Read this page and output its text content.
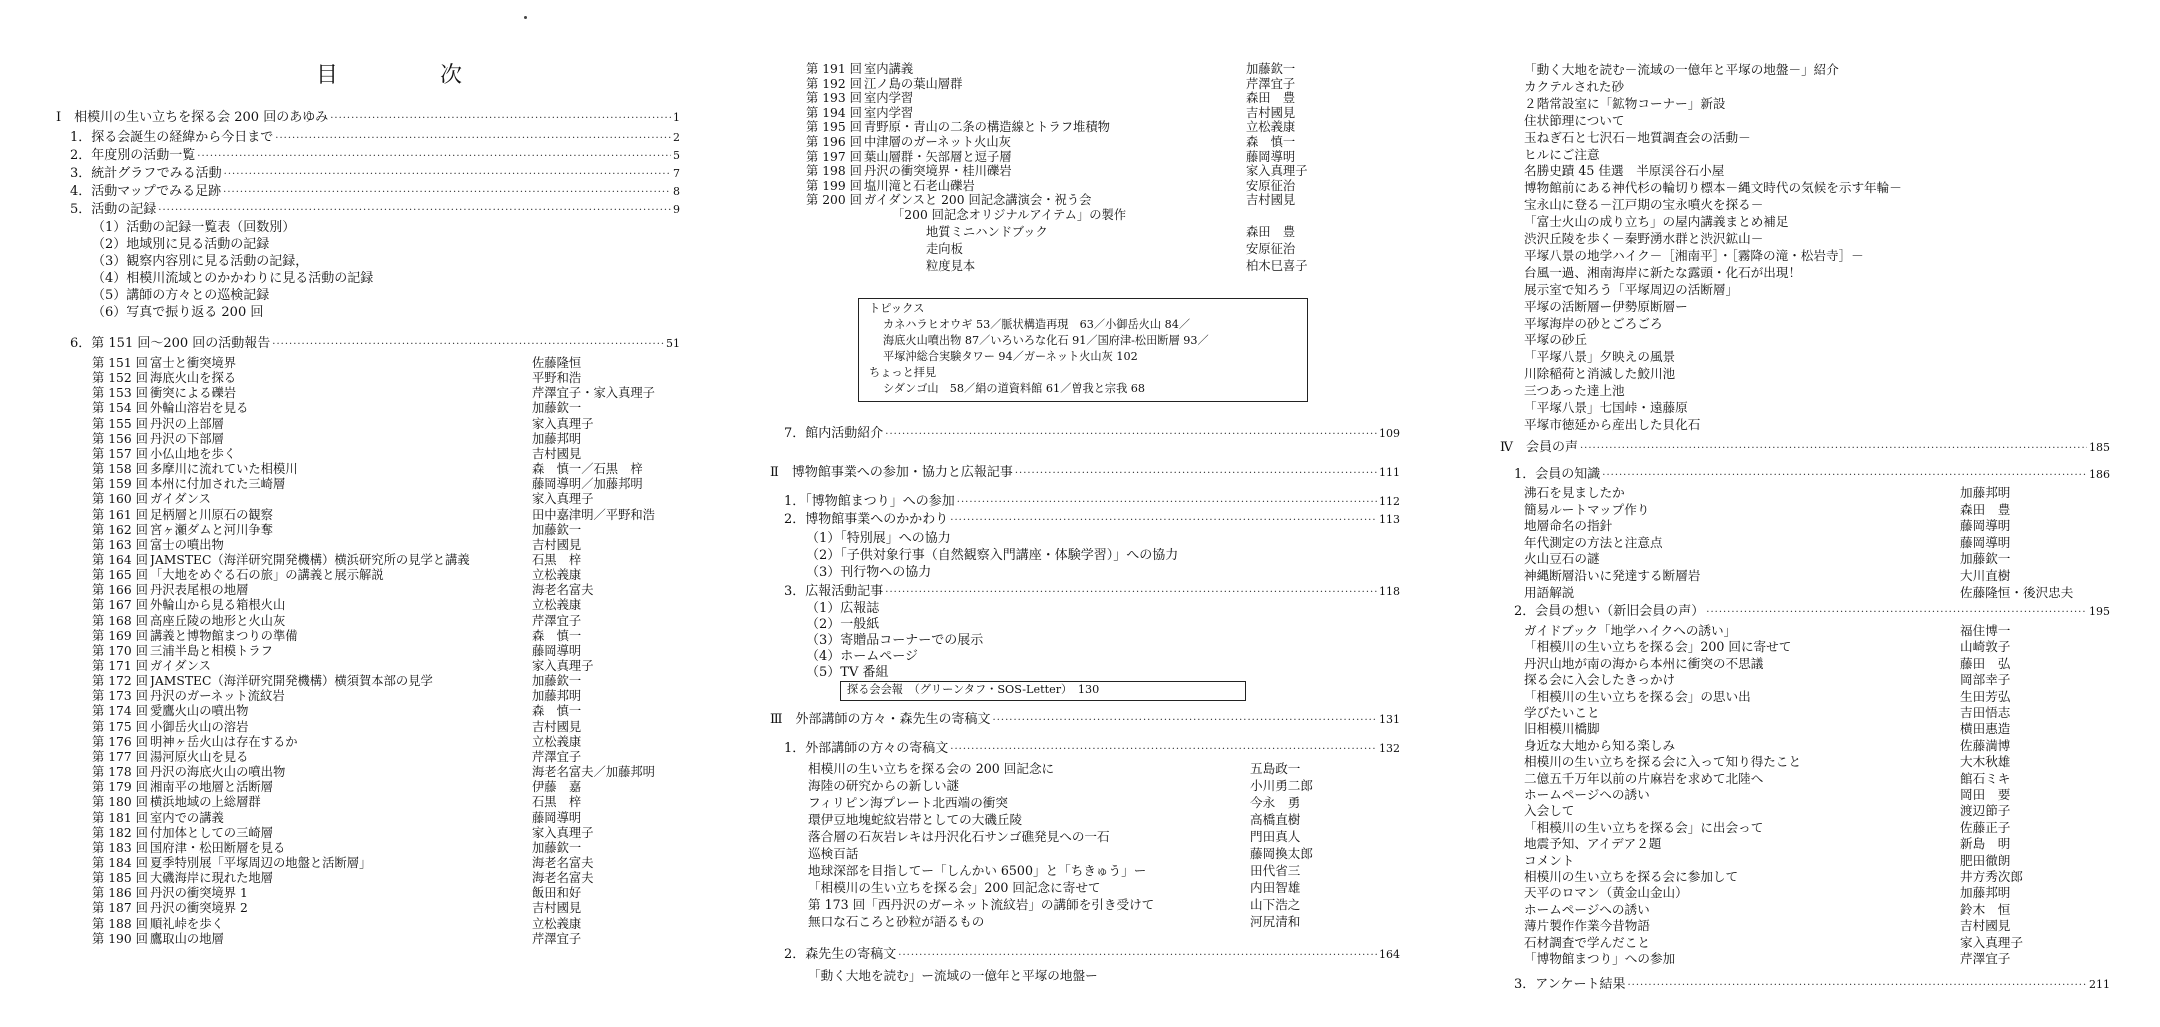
目　次
Ⅰ　相模川の生い立ちを探る会 200 回のあゆみ ·····	1
1．探る会誕生の経緯から今日まで ·····	2
2．年度別の活動一覧 ·····	5
3．統計グラフでみる活動 ·····	7
4．活動マップでみる足跡 ·····	8
5．活動の記録 ·····	9
（1）活動の記録一覧表（回数別）
（2）地域別に見る活動の記録
（3）観察内容別に見る活動の記録，
（4）相模川流域とのかかわりに見る活動の記録
（5）講師の方々との巡検記録
（6）写真で振り返る 200 回
6．第 151 回～200 回の活動報告 ·····	51
第 151 回 富士と衝突境界	佐藤隆恒
第 152 回 海底火山を探る	平野和浩
第 153 回 衝突による礫岩	芹澤宜子・家入真理子
第 154 回 外輪山溶岩を見る	加藤欽一
第 155 回 丹沢の上部層	家入真理子
第 156 回 丹沢の下部層	加藤邦明
第 157 回 小仏山地を歩く	吉村國見
第 158 回 多摩川に流れていた相模川	森　慎一／石黒　梓
第 159 回 本州に付加された三崎層	藤岡導明／加藤邦明
第 160 回 ガイダンス	家入真理子
第 161 回 足柄層と川原石の観察	田中嘉津明／平野和浩
第 162 回 宮ヶ瀬ダムと河川争奪	加藤欽一
第 163 回 富士の噴出物	吉村國見
第 164 回 JAMSTEC（海洋研究開発機構）横浜研究所の見学と講義	石黒　梓
第 165 回 「大地をめぐる石の旅」の講義と展示解説	立松義康
第 166 回 丹沢表尾根の地層	海老名富夫
第 167 回 外輪山から見る箱根火山	立松義康
第 168 回 高座丘陵の地形と火山灰	芹澤宜子
第 169 回 講義と博物館まつりの準備	森　慎一
第 170 回 三浦半島と相模トラフ	藤岡導明
第 171 回 ガイダンス	家入真理子
第 172 回 JAMSTEC（海洋研究開発機構）横須賀本部の見学	加藤欽一
第 173 回 丹沢のガーネット流紋岩	加藤邦明
第 174 回 愛鷹火山の噴出物	森　慎一
第 175 回 小御岳火山の溶岩	吉村國見
第 176 回 明神ヶ岳火山は存在するか	立松義康
第 177 回 湯河原火山を見る	芹澤宜子
第 178 回 丹沢の海底火山の噴出物	海老名富夫／加藤邦明
第 179 回 湘南平の地層と活断層	伊藤　嘉
第 180 回 横浜地域の上総層群	石黒　梓
第 181 回 室内での講義	藤岡導明
第 182 回 付加体としての三崎層	家入真理子
第 183 回 国府津・松田断層を見る	加藤欽一
第 184 回 夏季特別展「平塚周辺の地盤と活断層」	海老名富夫
第 185 回 大磯海岸に現れた地層	海老名富夫
第 186 回 丹沢の衝突境界 1	飯田和好
第 187 回 丹沢の衝突境界 2	吉村國見
第 188 回 順礼峠を歩く	立松義康
第 190 回 鷹取山の地層	芹澤宜子
第 191 回 室内講義	加藤欽一
第 192 回 江ノ島の葉山層群	芹澤宜子
第 193 回 室内学習	森田　豊
第 194 回 室内学習	吉村國見
第 195 回 青野原・青山の二条の構造線とトラフ堆積物	立松義康
第 196 回 中津層のガーネット火山灰	森　慎一
第 197 回 葉山層群・矢部層と逗子層	藤岡導明
第 198 回 丹沢の衝突境界・桂川礫岩	家入真理子
第 199 回 塩川滝と石老山礫岩	安原征治
第 200 回 ガイダンスと 200 回記念講演会・祝う会	吉村國見
「200 回記念オリジナルアイテム」の製作
地質ミニハンドブック	森田　豊
走向板	安原征治
粒度見本	柏木巳喜子
トピックス
カネハラヒオウギ 53／脈状構造再現　63／小御岳火山 84／
海底火山噴出物 87／いろいろな化石 91／国府津-松田断層 93／
平塚沖総合実験タワー 94／ガーネット火山灰 102
ちょっと拝見
シダンゴ山　58／絹の道資料館 61／曽我と宗我 68
7．館内活動紹介 ·····	109
Ⅱ　博物館事業への参加・協力と広報記事 ·····	111
1．「博物館まつり」への参加 ·····	112
2．博物館事業へのかかわり ·····	113
（1）「特別展」への協力
（2）「子供対象行事（自然観察入門講座・体験学習）」への協力
（3）刊行物への協力
3．広報活動記事 ·····	118
（1）広報誌
（2）一般紙
（3）寄贈品コーナーでの展示
（4）ホームページ
（5）TV 番組
探る会会報　（グリーンタフ・SOS-Letter）　130
Ⅲ　外部講師の方々・森先生の寄稿文 ·····	131
1．外部講師の方々の寄稿文 ·····	132
相模川の生い立ちを探る会の 200 回記念に	五島政一
海陸の研究からの新しい謎	小川勇二郎
フィリピン海プレート北西端の衝突	今永　勇
環伊豆地塊蛇紋岩帯としての大磯丘陵	高橋直樹
落合層の石灰岩レキは丹沢化石サンゴ礁発見への一石	門田真人
巡検百話	藤岡換太郎
地球深部を目指してー「しんかい 6500」と「ちきゅう」ー	田代省三
「相模川の生い立ちを探る会」200 回記念に寄せて	内田智雄
第 173 回「西丹沢のガーネット流紋岩」の講師を引き受けて	山下浩之
無口な石ころと砂粒が語るもの	河尻清和
2．森先生の寄稿文 ·····	164
「動く大地を読む」ー流域の一億年と平塚の地盤ー
「動く大地を読む－流域の一億年と平塚の地盤－」紹介
カクテルされた砂
２階常設室に「鉱物コーナー」新設
住状節理について
玉ねぎ石と七沢石－地質調査会の活動－
ヒルにご注意
名勝史蹟 45 佳選　半原渓谷石小屋
博物館前にある神代杉の輪切り標本－縄文時代の気候を示す年輪－
宝永山に登る－江戸期の宝永噴火を探る－
「富士火山の成り立ち」の屋内講義まとめ補足
渋沢丘陵を歩く－秦野湧水群と渋沢鉱山－
平塚八景の地学ハイク－［湘南平］・［霧降の滝・松岩寺］－
台風一過、湘南海岸に新たな露頭・化石が出現！
展示室で知ろう「平塚周辺の活断層」
平塚の活断層ー伊勢原断層ー
平塚海岸の砂とごろごろ
平塚の砂丘
「平塚八景」夕映えの風景
川除稲荷と消滅した鮫川池
三つあった達上池
「平塚八景」七国峠・遠藤原
平塚市徳延から産出した貝化石
Ⅳ　会員の声 ·····	185
1．会員の知識 ·····	186
沸石を見ましたか	加藤邦明
簡易ルートマップ作り	森田　豊
地層命名の指針	藤岡導明
年代測定の方法と注意点	藤岡導明
火山豆石の謎	加藤欽一
神縄断層沿いに発達する断層岩	大川直樹
用語解説	佐藤隆恒・後沢忠夫
2．会員の想い（新旧会員の声） ·····	195
ガイドブック「地学ハイクへの誘い」	福住博一
「相模川の生い立ちを探る会」200 回に寄せて	山崎敦子
丹沢山地が南の海から本州に衝突の不思議	藤田　弘
探る会に入会したきっかけ	岡部幸子
「相模川の生い立ちを探る会」の思い出	生田芳弘
学びたいこと	吉田悟志
旧相模川橋脚	横田惠造
身近な大地から知る楽しみ	佐藤満博
相模川の生い立ちを探る会に入って知り得たこと	大木秋雄
二億五千万年以前の片麻岩を求めて北陸へ	館石ミキ
ホームページへの誘い	岡田　要
入会して	渡辺節子
「相模川の生い立ちを探る会」に出会って	佐藤正子
地震予知、アイデア２題	新島　明
コメント	肥田徹朗
相模川の生い立ちを探る会に参加して	井方秀次郎
天平のロマン（黄金山金山）	加藤邦明
ホームページへの誘い	鈴木　恒
薄片製作作業今昔物語	吉村國見
石材調査で学んだこと	家入真理子
「博物館まつり」への参加	芹澤宜子
3．アンケート結果 ·····	211
